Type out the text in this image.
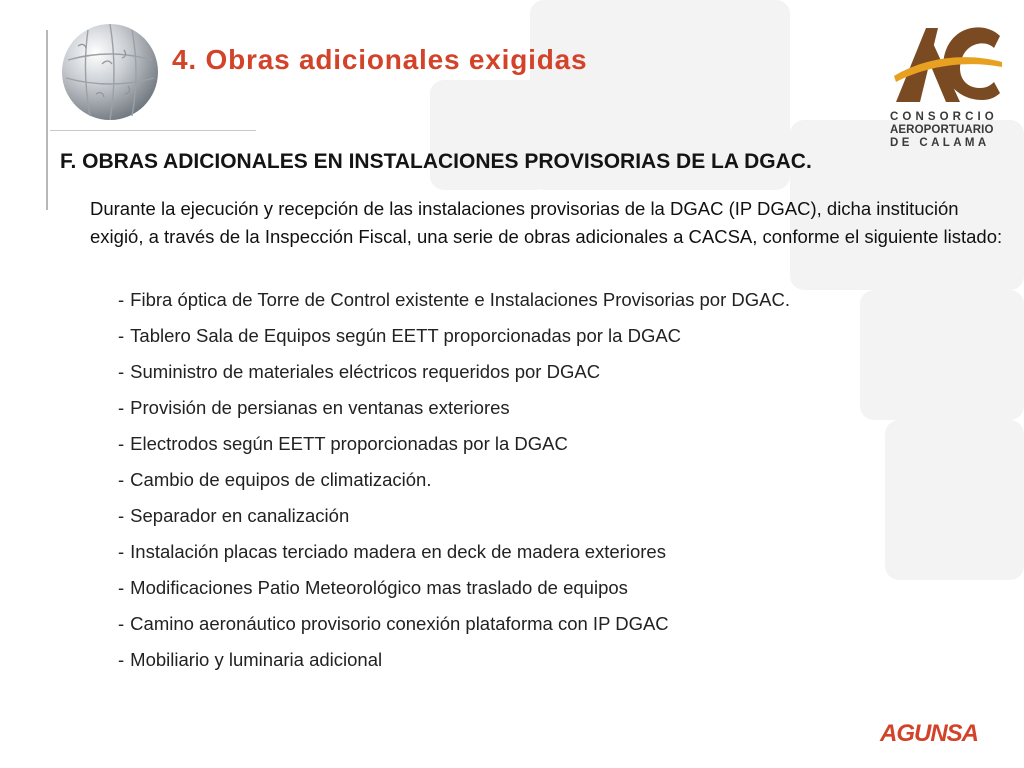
4. Obras adicionales exigidas
CONSORCIO
AEROPORTUARIO
DE CALAMA
F. OBRAS ADICIONALES EN INSTALACIONES PROVISORIAS DE LA DGAC.
Durante la ejecución y recepción de las instalaciones provisorias de la DGAC (IP DGAC), dicha institución exigió, a través de la Inspección Fiscal, una serie de obras adicionales a CACSA, conforme el siguiente listado:
- Fibra óptica de Torre de Control existente e Instalaciones Provisorias por DGAC.
- Tablero Sala de Equipos según EETT proporcionadas por la DGAC
- Suministro de materiales eléctricos requeridos por DGAC
- Provisión de persianas en ventanas exteriores
- Electrodos según EETT proporcionadas por la DGAC
- Cambio de equipos de climatización.
- Separador en canalización
- Instalación placas terciado madera en deck de madera exteriores
- Modificaciones Patio Meteorológico mas traslado de equipos
- Camino aeronáutico provisorio conexión plataforma con IP DGAC
- Mobiliario y luminaria adicional
AGUNSA
